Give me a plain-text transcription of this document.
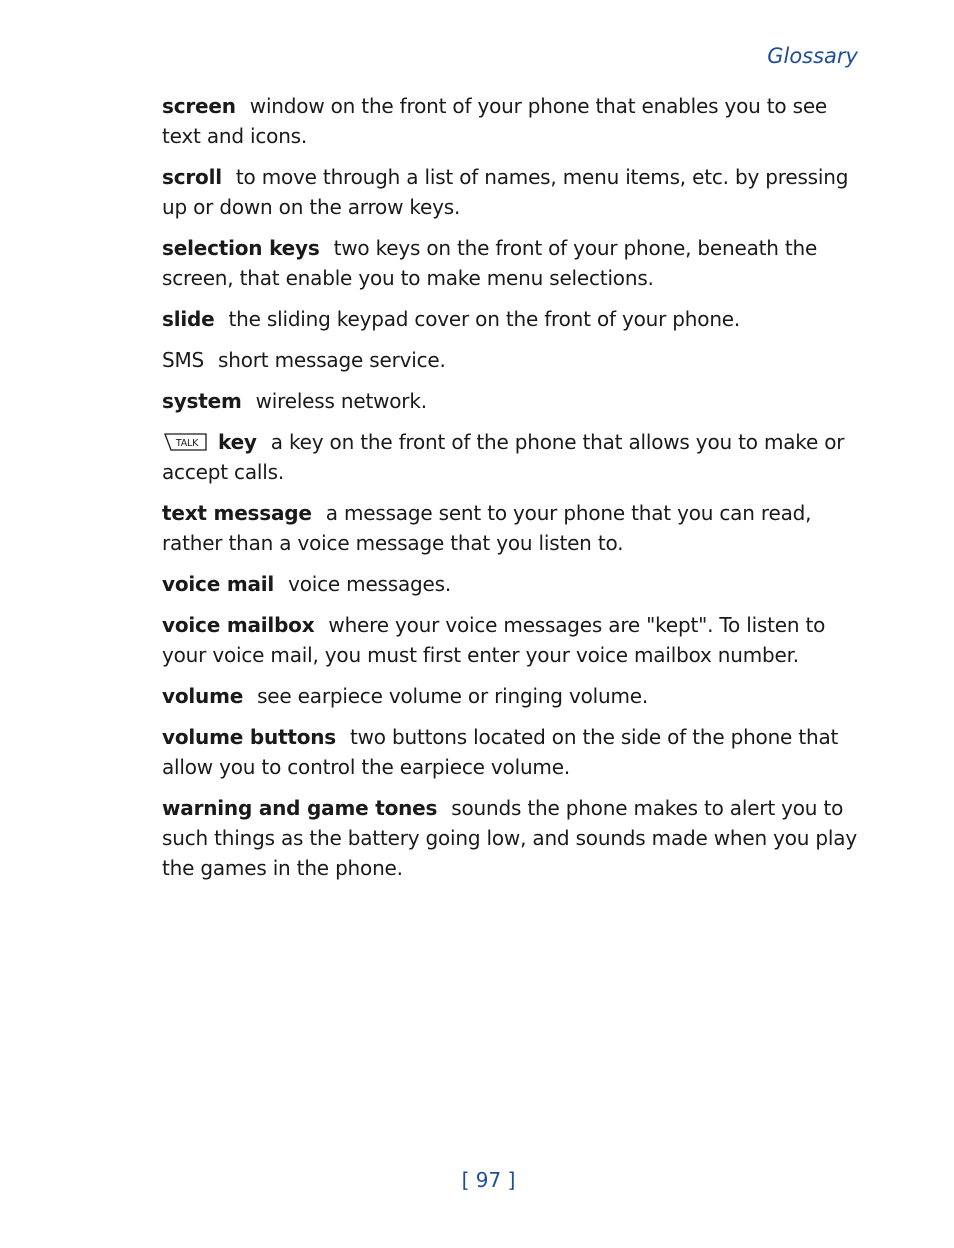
Glossary

screen window on the front of your phone that enables you to see text and icons.

scroll to move through a list of names, menu items, etc. by pressing up or down on the arrow keys.

selection keys two keys on the front of your phone, beneath the screen, that enable you to make menu selections.

slide the sliding keypad cover on the front of your phone.

SMS short message service.

system wireless network.

TALK key a key on the front of the phone that allows you to make or accept calls.

text message a message sent to your phone that you can read, rather than a voice message that you listen to.

voice mail voice messages.

voice mailbox where your voice messages are "kept". To listen to your voice mail, you must first enter your voice mailbox number.

volume see earpiece volume or ringing volume.

volume buttons two buttons located on the side of the phone that allow you to control the earpiece volume.

warning and game tones sounds the phone makes to alert you to such things as the battery going low, and sounds made when you play the games in the phone.

[ 97 ]
